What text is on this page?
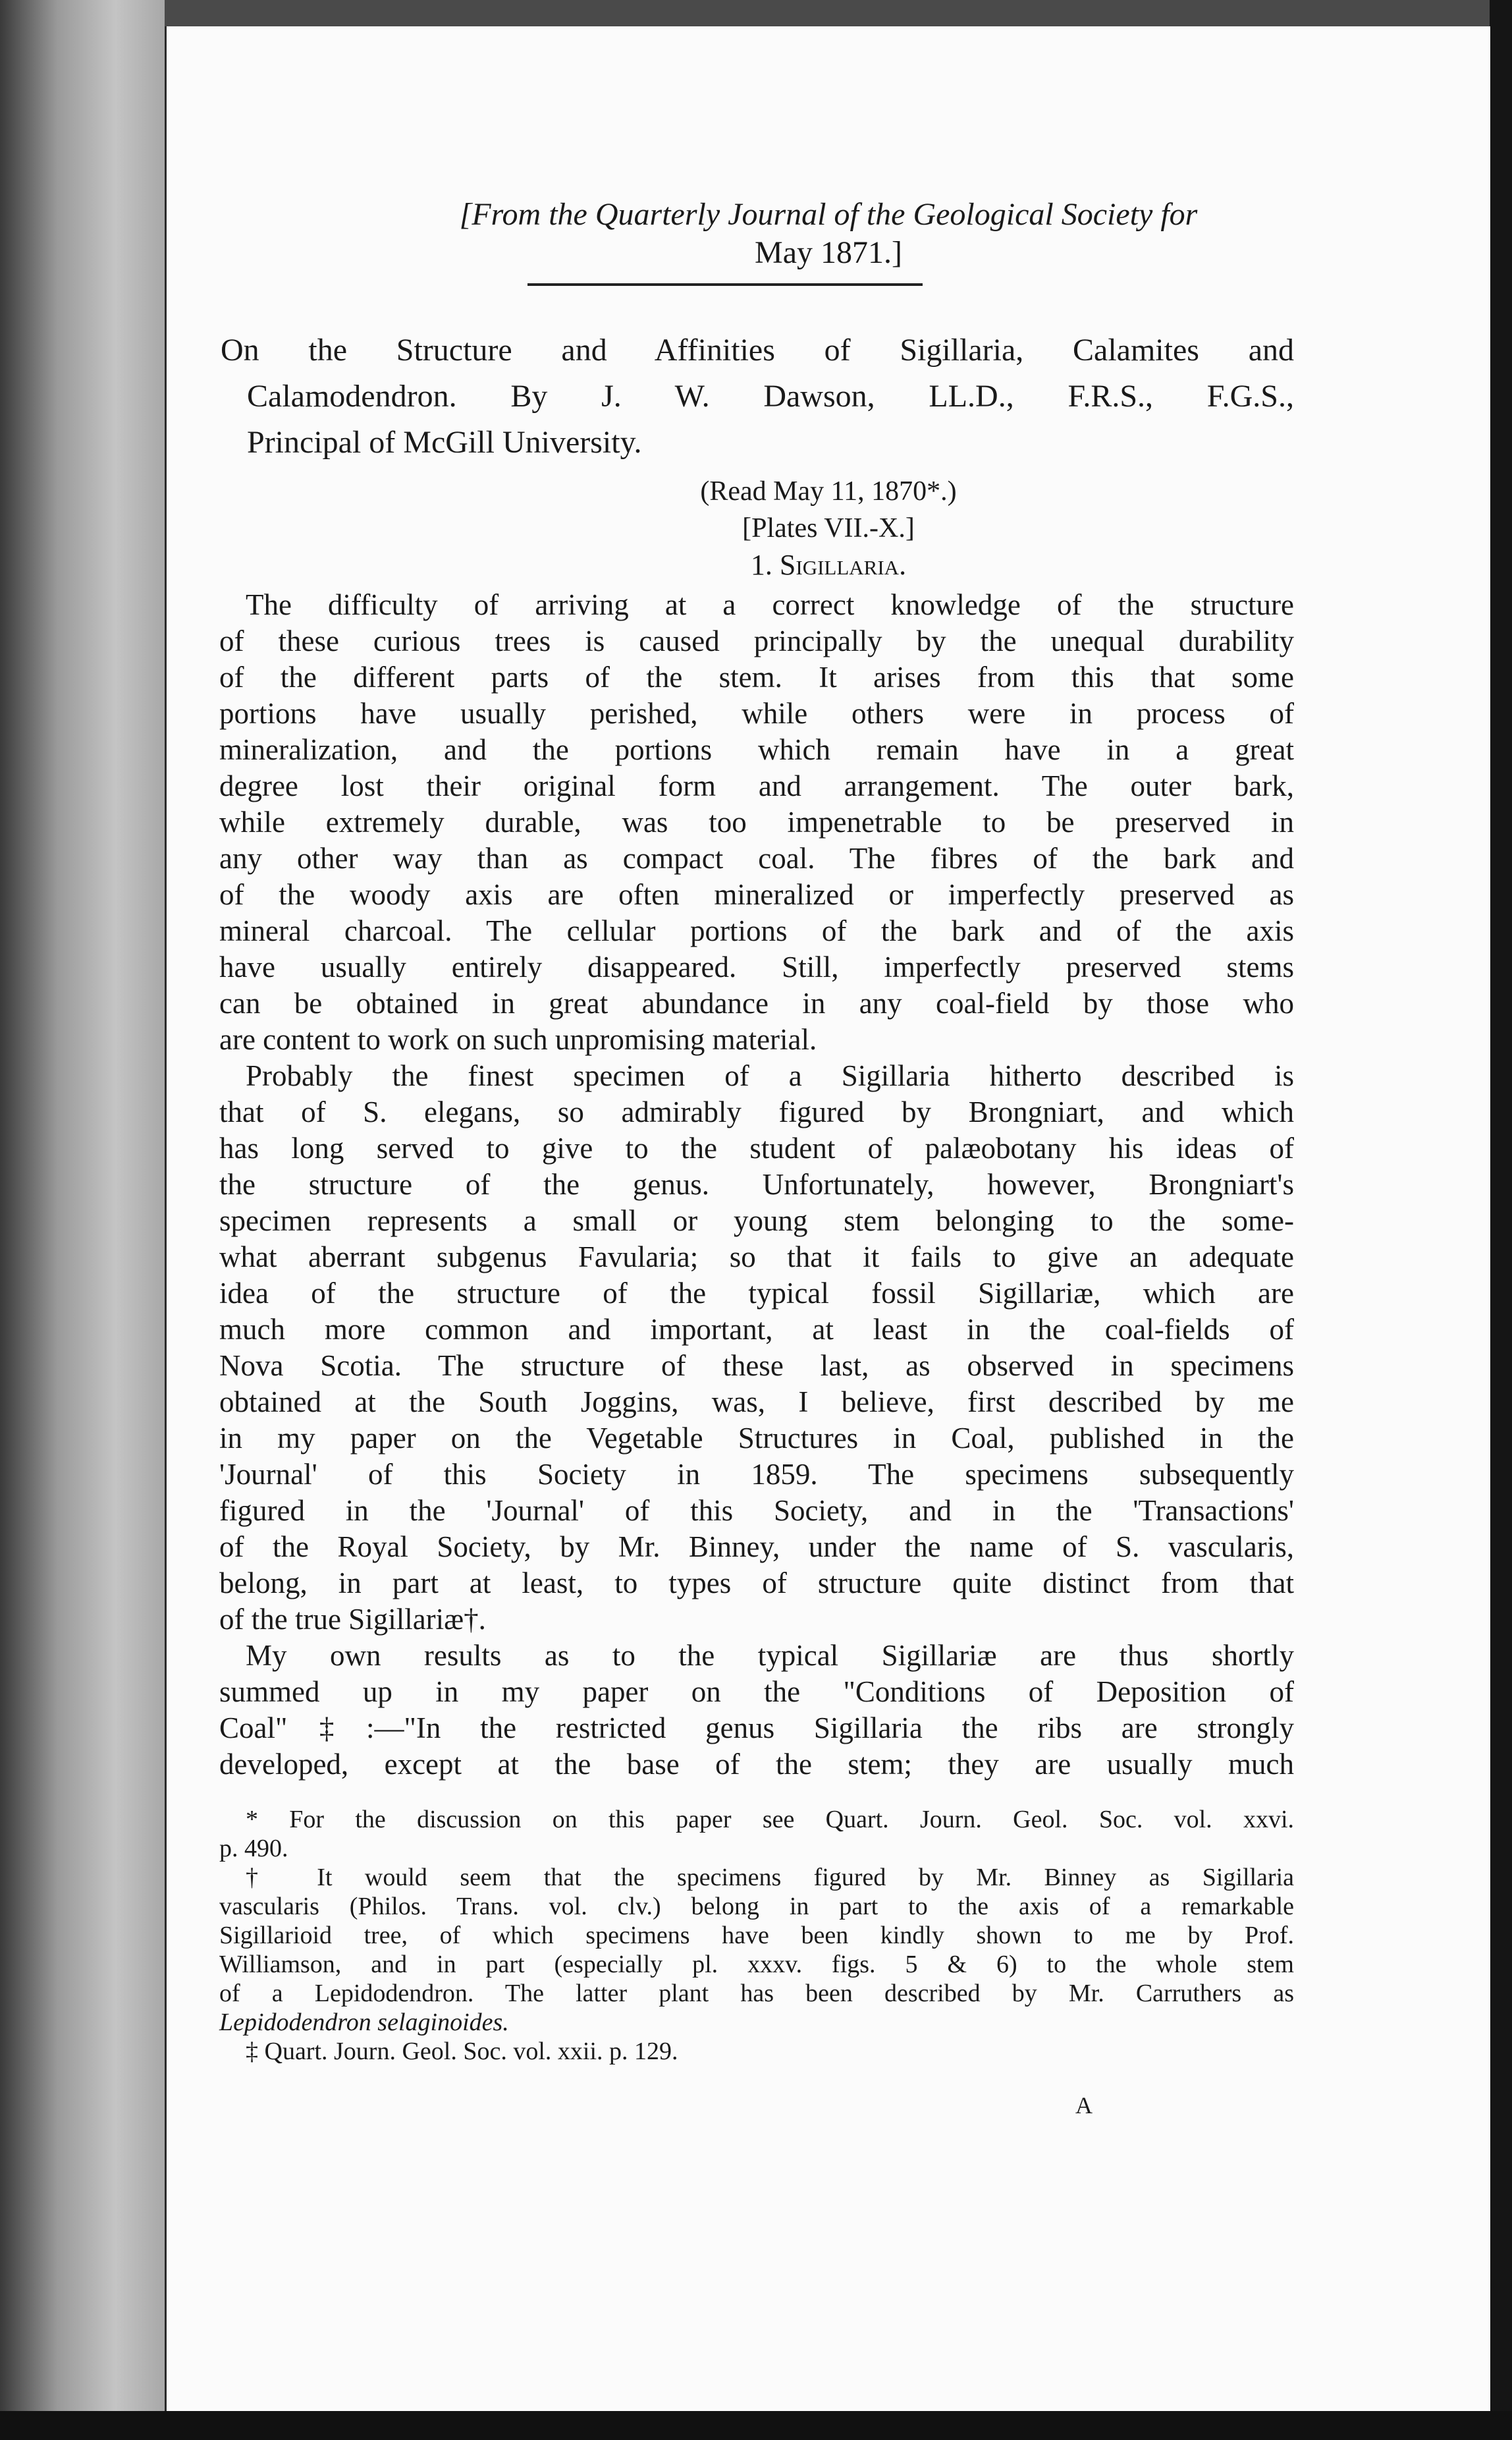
[From the Quarterly Journal of the Geological Society for
May 1871.]
On the Structure and Affinities of Sigillaria, Calamites and
Calamodendron. By J. W. Dawson, LL.D., F.R.S., F.G.S.,
Principal of McGill University.
(Read May 11, 1870*.)
[Plates VII.-X.]
1. Sigillaria.
The difficulty of arriving at a correct knowledge of the structure
of these curious trees is caused principally by the unequal durability
of the different parts of the stem. It arises from this that some
portions have usually perished, while others were in process of
mineralization, and the portions which remain have in a great
degree lost their original form and arrangement. The outer bark,
while extremely durable, was too impenetrable to be preserved in
any other way than as compact coal. The fibres of the bark and
of the woody axis are often mineralized or imperfectly preserved as
mineral charcoal. The cellular portions of the bark and of the axis
have usually entirely disappeared. Still, imperfectly preserved stems
can be obtained in great abundance in any coal-field by those who
are content to work on such unpromising material.
Probably the finest specimen of a Sigillaria hitherto described is
that of S. elegans, so admirably figured by Brongniart, and which
has long served to give to the student of palæobotany his ideas of
the structure of the genus. Unfortunately, however, Brongniart's
specimen represents a small or young stem belonging to the some-
what aberrant subgenus Favularia; so that it fails to give an adequate
idea of the structure of the typical fossil Sigillariæ, which are
much more common and important, at least in the coal-fields of
Nova Scotia. The structure of these last, as observed in specimens
obtained at the South Joggins, was, I believe, first described by me
in my paper on the Vegetable Structures in Coal, published in the
'Journal' of this Society in 1859. The specimens subsequently
figured in the 'Journal' of this Society, and in the 'Transactions'
of the Royal Society, by Mr. Binney, under the name of S. vascularis,
belong, in part at least, to types of structure quite distinct from that
of the true Sigillariæ†.
My own results as to the typical Sigillariæ are thus shortly
summed up in my paper on the "Conditions of Deposition of
Coal"‡:—"In the restricted genus Sigillaria the ribs are strongly
developed, except at the base of the stem; they are usually much
* For the discussion on this paper see Quart. Journ. Geol. Soc. vol. xxvi.
p. 490.
† It would seem that the specimens figured by Mr. Binney as Sigillaria
vascularis (Philos. Trans. vol. clv.) belong in part to the axis of a remarkable
Sigillarioid tree, of which specimens have been kindly shown to me by Prof.
Williamson, and in part (especially pl. xxxv. figs. 5 & 6) to the whole stem
of a Lepidodendron. The latter plant has been described by Mr. Carruthers as
Lepidodendron selaginoides.
‡ Quart. Journ. Geol. Soc. vol. xxii. p. 129.
A
